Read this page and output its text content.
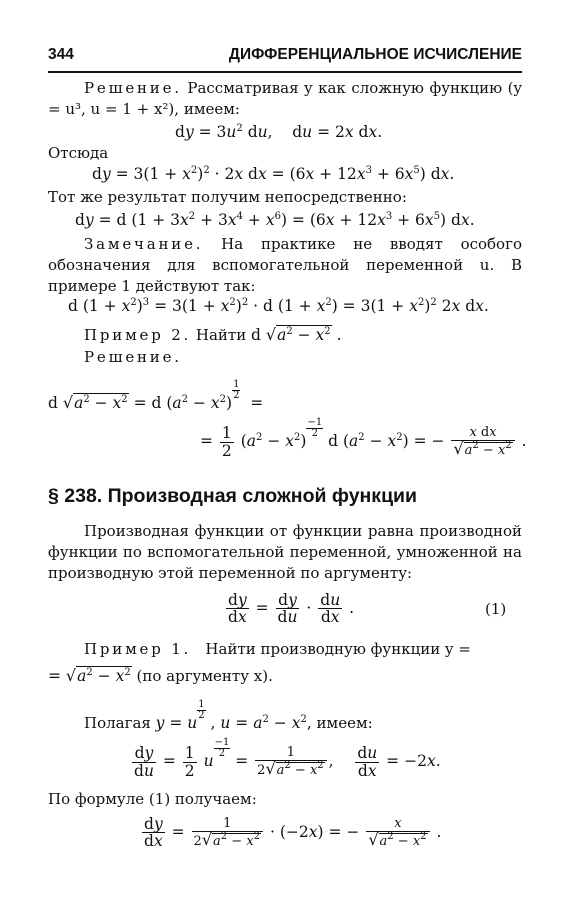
344	ДИФФЕРЕНЦИАЛЬНОЕ ИСЧИСЛЕНИЕ
Решение. Рассматривая y как сложную функцию (y = u³, u = 1 + x²), имеем:
dy = $3u^2$ du,    du = 2x dx.
Отсюда
dy = $3(1 + x^2)^2 \cdot 2x$ dx = $(6x + 12x^3 + 6x^5)$ dx.
Тот же результат получим непосредственно:
dy = d $(1 + 3x^2 + 3x^4 + x^6) = (6x + 12x^3 + 6x^5)$ dx.
Замечание. На практике не вводят особого обозначения для вспомогательной переменной u. В примере 1 действуют так:
d $(1 + x^2)^3 = 3(1 + x^2)^2 \cdot d$ $(1 + x^2) = 3(1 + x^2)^2$ 2x dx.
Пример 2. Найти d $√a^2 - x^2$ .
Решение.
d $√a^2 - x^2 = d$ $(a^2 - x^2)$
$\frac{1}{2}$
=
= $\frac{1}{2} (a^2 - x^2)$
$\frac{-1}{2}$
d $(a^2 - x^2)$ = − $\frac{\text{x dx}}{√a^2 - x^2}$ .
§ 238. Производная сложной функции
Производная функции от функции равна производной функции по вспомогательной переменной, умноженной на производную этой переменной по аргументу:
$\frac{dy}{dx} = \frac{dy}{du} \cdot \frac{du}{dx}$ .	(1)
Пример 1. Найти производную функции y =
= $√a^2 - x^2$ (по аргументу x).
Полагая y = u
$\frac{1}{2}$
, $u = a^2 - x^2$, имеем:
$\frac{dy}{du} = \frac{1}{2}$ u
$\frac{-1}{2}$
= $\frac{1}{2√a^2 - x^2}$ , $\frac{du}{dx} = -2x$.
По формуле (1) получаем:
$\frac{dy}{dx} = \frac{1}{2√a^2 - x^2} \cdot (-2x)$ = − $\frac{x}{√a^2 - x^2}$ .
